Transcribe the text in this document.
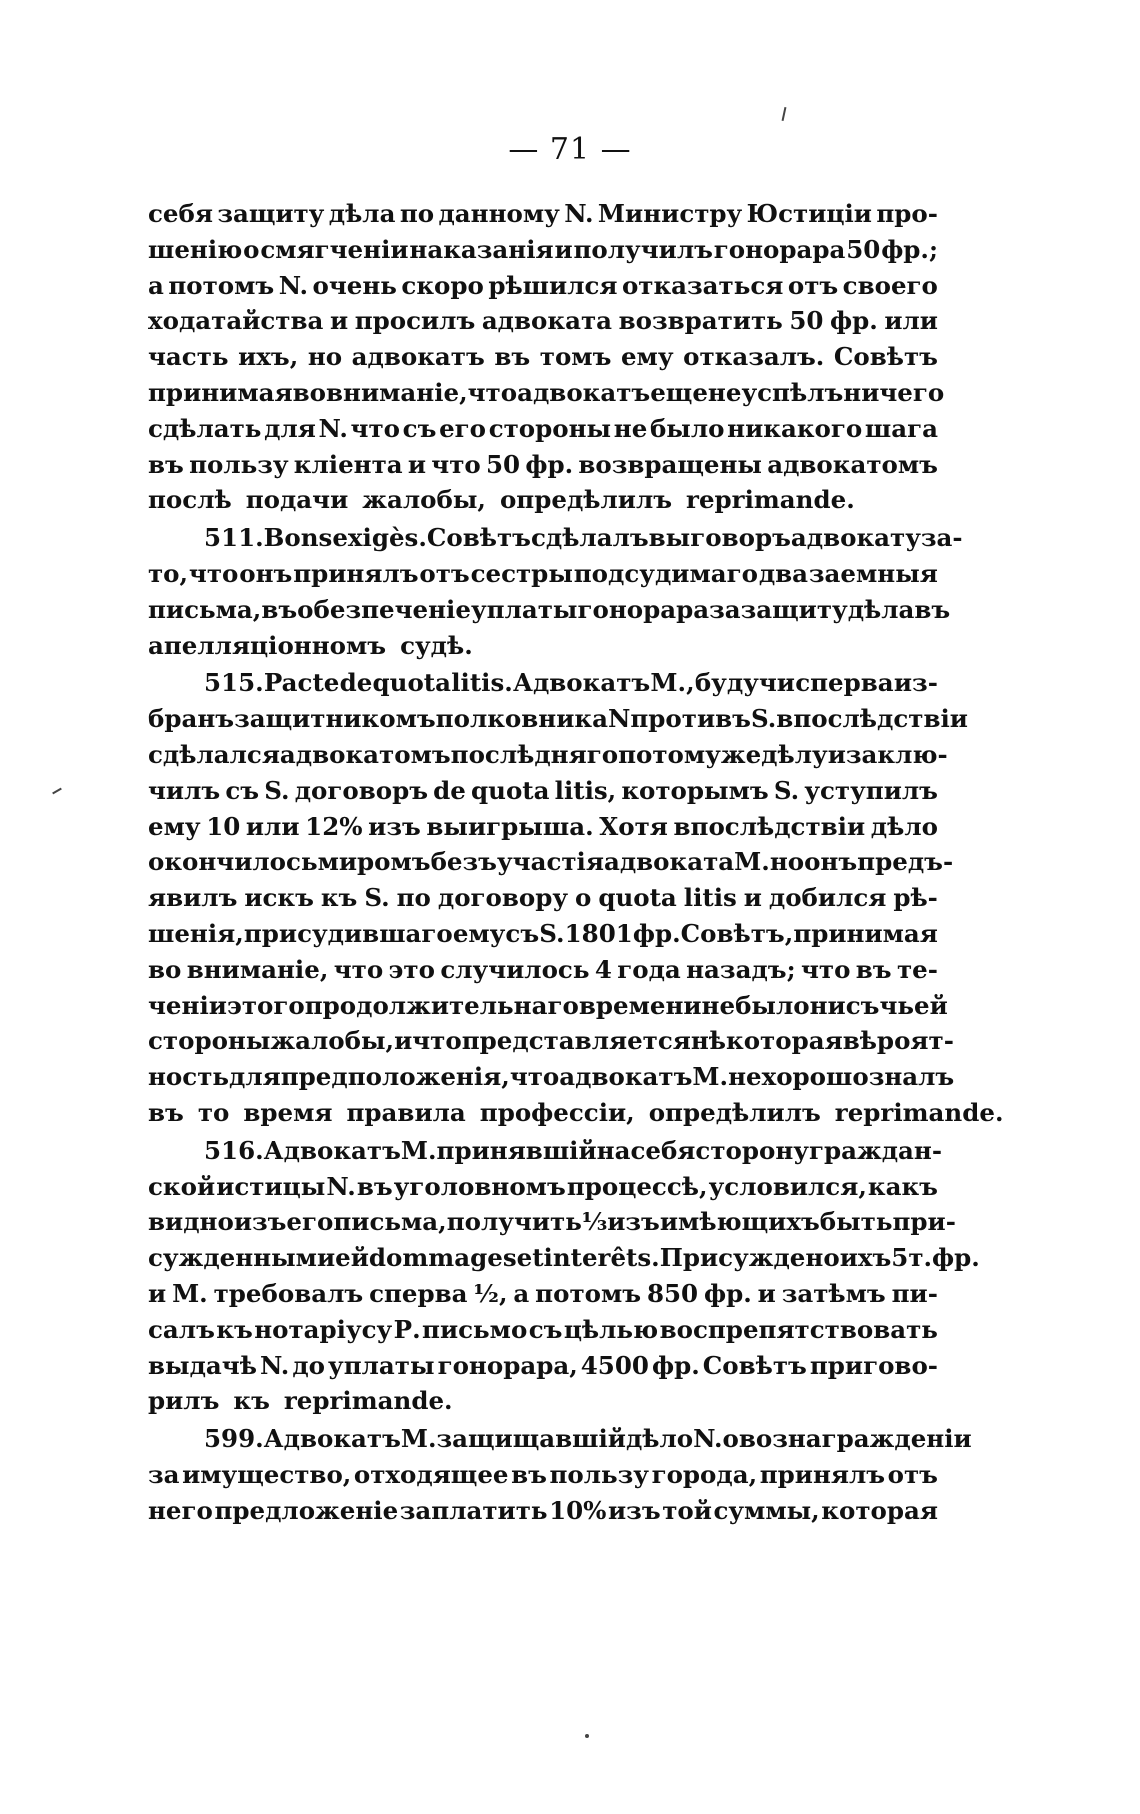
— 71 —
себя защиту дѣла по данному N. Министру Юстиціи про-
шенію о смягченіи наказанія и получилъ гонорара 50 фр.;
а потомъ N. очень скоро рѣшился отказаться отъ своего
ходатайства и просилъ адвоката возвратить 50 фр. или
часть ихъ, но адвокатъ въ томъ ему отказалъ. Совѣтъ
принимая во вниманіе, что адвокатъ еще не успѣлъ ничего
сдѣлать для N. что съ его стороны не было никакого шага
въ пользу кліента и что 50 фр. возвращены адвокатомъ
послѣ подачи жалобы, опредѣлилъ reprimande.
511. Bons exigès. Совѣтъ сдѣлалъ выговоръ адвокату за-
то, что онъ принялъ отъ сестры подсудимаго два заемныя
письма, въ обезпеченіе уплаты гонорара за защиту дѣла въ
апелляціонномъ судѣ.
515. Pacte de quota litis. Адвокатъ М., будучи сперва из-
бранъ защитникомъ полковника N противъ S. впослѣдствіи
сдѣлался адвокатомъ послѣдняго потому же дѣлу и заклю-
чилъ съ S. договоръ de quota litis, которымъ S. уступилъ
ему 10 или 12% изъ выигрыша. Хотя впослѣдствіи дѣло
окончилось миромъ безъ участія адвоката М. но онъ предъ-
явилъ искъ къ S. по договору о quota litis и добился рѣ-
шенія, присудившаго ему съ S. 1801 фр. Совѣтъ, принимая
во вниманіе, что это случилось 4 года назадъ; что въ те-
ченіи этого продолжительнаго времени не было ни съ чьей
стороны жалобы, и что представляется нѣкоторая вѣроят-
ность для предположенія, что адвокатъ М. нехорошо зналъ
въ то время правила профессіи, опредѣлилъ reprimande.
516. Адвокатъ М. принявшій на себя сторону граждан-
ской истицы N. въ уголовномъ процессѣ, условился, какъ
видно изъ его письма, получить ⅓ изъ имѣющихъ быть при-
сужденными ей dommages et interêts. Присуждено ихъ 5 т. фр.
и М. требовалъ сперва ½, а потомъ 850 фр. и затѣмъ пи-
салъ къ нотаріусу Р. письмо съ цѣлью воспрепятствовать
выдачѣ N. до уплаты гонорара, 4500 фр. Совѣтъ пригово-
рилъ къ reprimande.
599. Адвокатъ М. защищавшій дѣло N. о вознагражденіи
за имущество, отходящее въ пользу города, принялъ отъ
него предложеніе заплатить 10% изъ той суммы, которая
